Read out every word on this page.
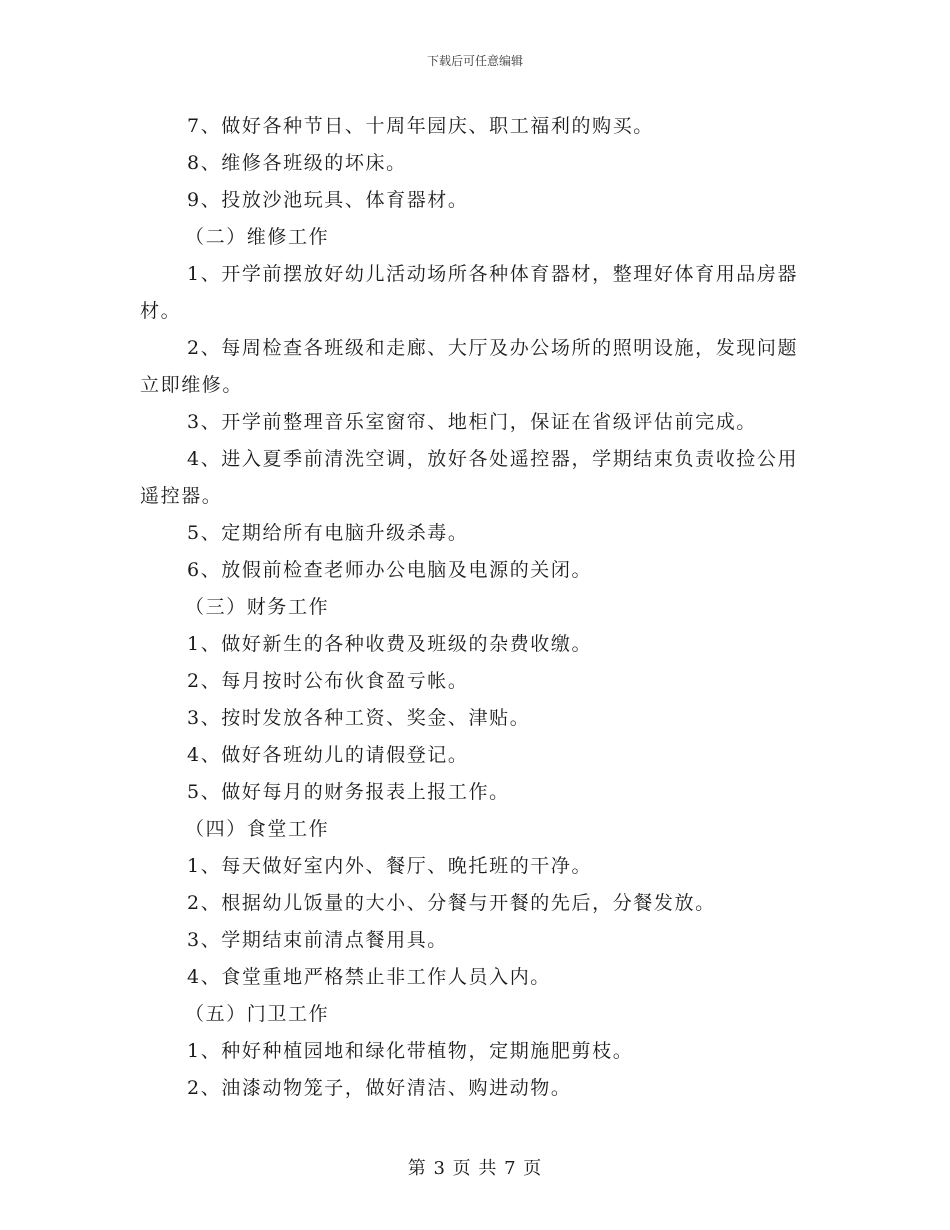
下载后可任意编辑

7、做好各种节日、十周年园庆、职工福利的购买。

8、维修各班级的坏床。

9、投放沙池玩具、体育器材。

（二）维修工作

1、开学前摆放好幼儿活动场所各种体育器材，整理好体育用品房器材。

2、每周检查各班级和走廊、大厅及办公场所的照明设施，发现问题立即维修。

3、开学前整理音乐室窗帘、地柜门，保证在省级评估前完成。

4、进入夏季前清洗空调，放好各处遥控器，学期结束负责收捡公用遥控器。

5、定期给所有电脑升级杀毒。

6、放假前检查老师办公电脑及电源的关闭。

（三）财务工作

1、做好新生的各种收费及班级的杂费收缴。

2、每月按时公布伙食盈亏帐。

3、按时发放各种工资、奖金、津贴。

4、做好各班幼儿的请假登记。

5、做好每月的财务报表上报工作。

（四）食堂工作

1、每天做好室内外、餐厅、晚托班的干净。

2、根据幼儿饭量的大小、分餐与开餐的先后，分餐发放。

3、学期结束前清点餐用具。

4、食堂重地严格禁止非工作人员入内。

（五）门卫工作

1、种好种植园地和绿化带植物，定期施肥剪枝。

2、油漆动物笼子，做好清洁、购进动物。

第 3 页 共 7 页
